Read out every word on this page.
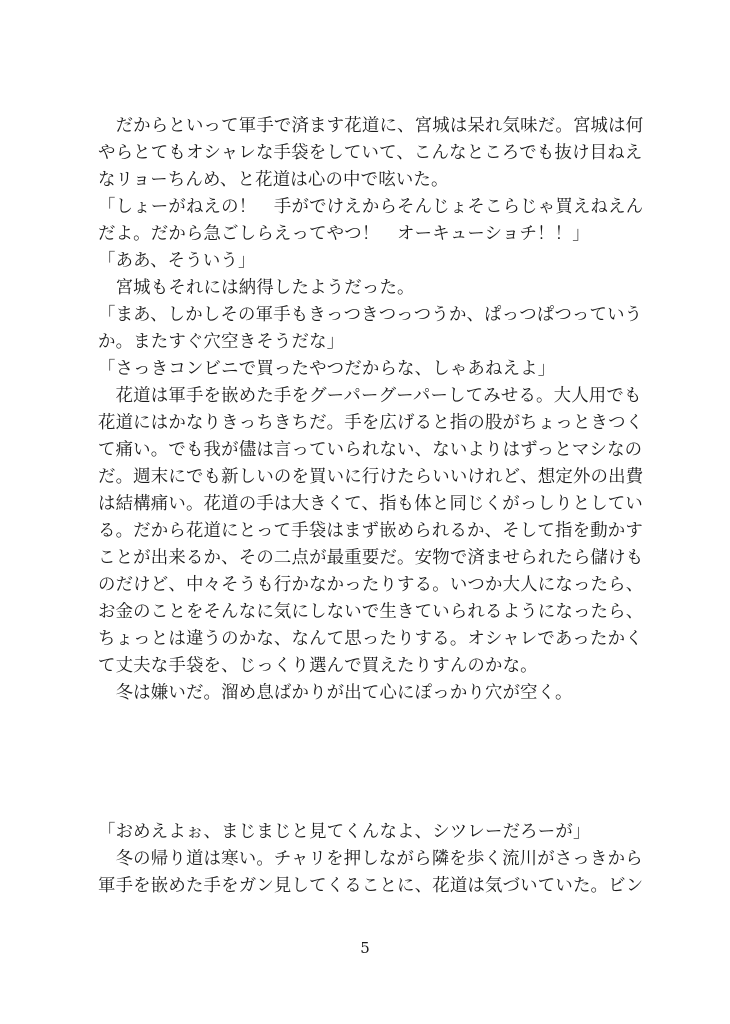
　だからといって軍手で済ます花道に、宮城は呆れ気味だ。宮城は何
やらとてもオシャレな手袋をしていて、こんなところでも抜け目ねえ
なリョーちんめ、と花道は心の中で呟いた。
「しょーがねえの！　手がでけえからそんじょそこらじゃ買えねえん
だよ。だから急ごしらえってやつ！　オーキューショチ！！」
「ああ、そういう」
　宮城もそれには納得したようだった。
「まあ、しかしその軍手もきっつきつっつうか、ぱっつぱつっていう
か。またすぐ穴空きそうだな」
「さっきコンビニで買ったやつだからな、しゃあねえよ」
　花道は軍手を嵌めた手をグーパーグーパーしてみせる。大人用でも
花道にはかなりきっちきちだ。手を広げると指の股がちょっときつく
て痛い。でも我が儘は言っていられない、ないよりはずっとマシなの
だ。週末にでも新しいのを買いに行けたらいいけれど、想定外の出費
は結構痛い。花道の手は大きくて、指も体と同じくがっしりとしてい
る。だから花道にとって手袋はまず嵌められるか、そして指を動かす
ことが出来るか、その二点が最重要だ。安物で済ませられたら儲けも
のだけど、中々そうも行かなかったりする。いつか大人になったら、
お金のことをそんなに気にしないで生きていられるようになったら、
ちょっとは違うのかな、なんて思ったりする。オシャレであったかく
て丈夫な手袋を、じっくり選んで買えたりすんのかな。
　冬は嫌いだ。溜め息ばかりが出て心にぽっかり穴が空く。
「おめえよぉ、まじまじと見てくんなよ、シツレーだろーが」
　冬の帰り道は寒い。チャリを押しながら隣を歩く流川がさっきから
軍手を嵌めた手をガン見してくることに、花道は気づいていた。ビン
5
